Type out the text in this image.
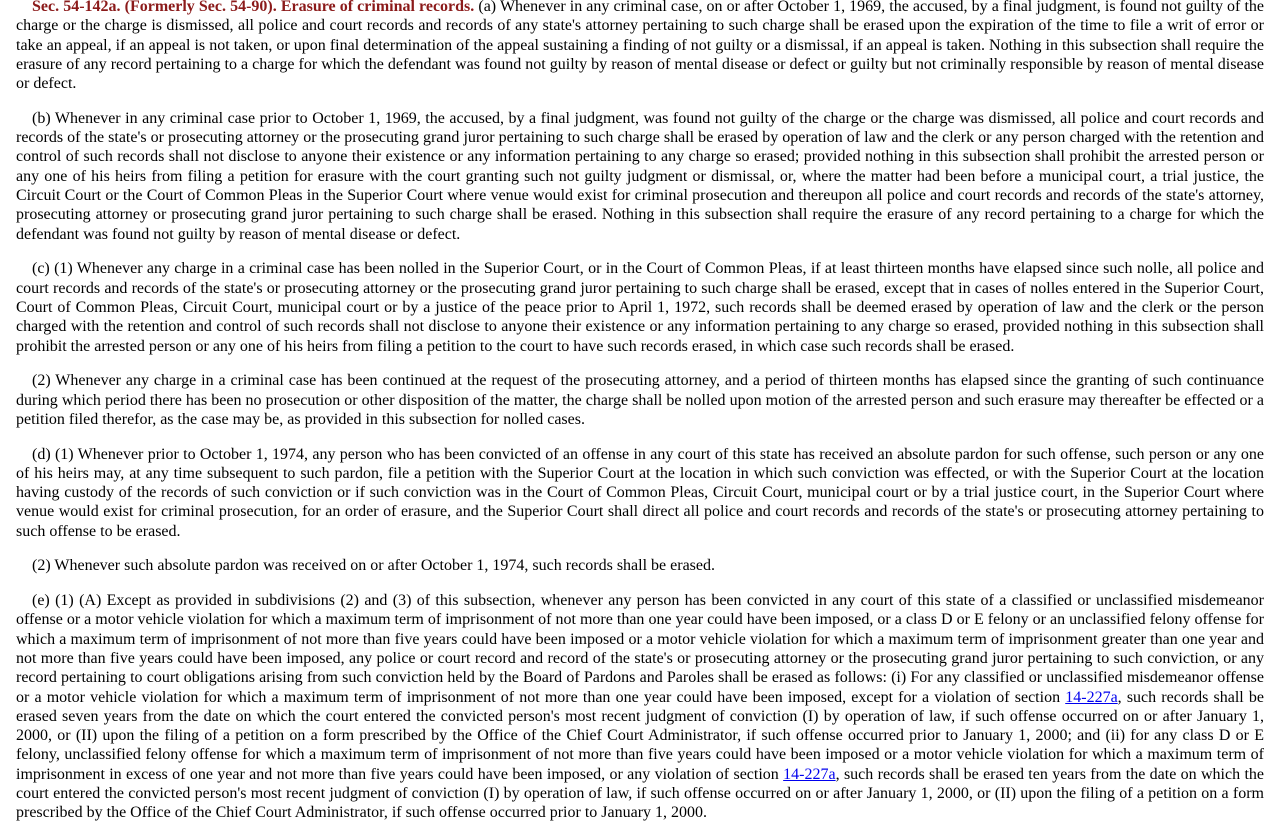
Sec. 54-142a. (Formerly Sec. 54-90). Erasure of criminal records. (a) Whenever in any criminal case, on or after October 1, 1969, the accused, by a final judgment, is found not guilty of the charge or the charge is dismissed, all police and court records and records of any state's attorney pertaining to such charge shall be erased upon the expiration of the time to file a writ of error or take an appeal, if an appeal is not taken, or upon final determination of the appeal sustaining a finding of not guilty or a dismissal, if an appeal is taken. Nothing in this subsection shall require the erasure of any record pertaining to a charge for which the defendant was found not guilty by reason of mental disease or defect or guilty but not criminally responsible by reason of mental disease or defect.

(b) Whenever in any criminal case prior to October 1, 1969, the accused, by a final judgment, was found not guilty of the charge or the charge was dismissed, all police and court records and records of the state's or prosecuting attorney or the prosecuting grand juror pertaining to such charge shall be erased by operation of law and the clerk or any person charged with the retention and control of such records shall not disclose to anyone their existence or any information pertaining to any charge so erased; provided nothing in this subsection shall prohibit the arrested person or any one of his heirs from filing a petition for erasure with the court granting such not guilty judgment or dismissal, or, where the matter had been before a municipal court, a trial justice, the Circuit Court or the Court of Common Pleas in the Superior Court where venue would exist for criminal prosecution and thereupon all police and court records and records of the state's attorney, prosecuting attorney or prosecuting grand juror pertaining to such charge shall be erased. Nothing in this subsection shall require the erasure of any record pertaining to a charge for which the defendant was found not guilty by reason of mental disease or defect.

(c) (1) Whenever any charge in a criminal case has been nolled in the Superior Court, or in the Court of Common Pleas, if at least thirteen months have elapsed since such nolle, all police and court records and records of the state's or prosecuting attorney or the prosecuting grand juror pertaining to such charge shall be erased, except that in cases of nolles entered in the Superior Court, Court of Common Pleas, Circuit Court, municipal court or by a justice of the peace prior to April 1, 1972, such records shall be deemed erased by operation of law and the clerk or the person charged with the retention and control of such records shall not disclose to anyone their existence or any information pertaining to any charge so erased, provided nothing in this subsection shall prohibit the arrested person or any one of his heirs from filing a petition to the court to have such records erased, in which case such records shall be erased.

(2) Whenever any charge in a criminal case has been continued at the request of the prosecuting attorney, and a period of thirteen months has elapsed since the granting of such continuance during which period there has been no prosecution or other disposition of the matter, the charge shall be nolled upon motion of the arrested person and such erasure may thereafter be effected or a petition filed therefor, as the case may be, as provided in this subsection for nolled cases.

(d) (1) Whenever prior to October 1, 1974, any person who has been convicted of an offense in any court of this state has received an absolute pardon for such offense, such person or any one of his heirs may, at any time subsequent to such pardon, file a petition with the Superior Court at the location in which such conviction was effected, or with the Superior Court at the location having custody of the records of such conviction or if such conviction was in the Court of Common Pleas, Circuit Court, municipal court or by a trial justice court, in the Superior Court where venue would exist for criminal prosecution, for an order of erasure, and the Superior Court shall direct all police and court records and records of the state's or prosecuting attorney pertaining to such offense to be erased.

(2) Whenever such absolute pardon was received on or after October 1, 1974, such records shall be erased.

(e) (1) (A) Except as provided in subdivisions (2) and (3) of this subsection, whenever any person has been convicted in any court of this state of a classified or unclassified misdemeanor offense or a motor vehicle violation for which a maximum term of imprisonment of not more than one year could have been imposed, or a class D or E felony or an unclassified felony offense for which a maximum term of imprisonment of not more than five years could have been imposed or a motor vehicle violation for which a maximum term of imprisonment greater than one year and not more than five years could have been imposed, any police or court record and record of the state's or prosecuting attorney or the prosecuting grand juror pertaining to such conviction, or any record pertaining to court obligations arising from such conviction held by the Board of Pardons and Paroles shall be erased as follows: (i) For any classified or unclassified misdemeanor offense or a motor vehicle violation for which a maximum term of imprisonment of not more than one year could have been imposed, except for a violation of section 14-227a, such records shall be erased seven years from the date on which the court entered the convicted person's most recent judgment of conviction (I) by operation of law, if such offense occurred on or after January 1, 2000, or (II) upon the filing of a petition on a form prescribed by the Office of the Chief Court Administrator, if such offense occurred prior to January 1, 2000; and (ii) for any class D or E felony, unclassified felony offense for which a maximum term of imprisonment of not more than five years could have been imposed or a motor vehicle violation for which a maximum term of imprisonment in excess of one year and not more than five years could have been imposed, or any violation of section 14-227a, such records shall be erased ten years from the date on which the court entered the convicted person's most recent judgment of conviction (I) by operation of law, if such offense occurred on or after January 1, 2000, or (II) upon the filing of a petition on a form prescribed by the Office of the Chief Court Administrator, if such offense occurred prior to January 1, 2000.
